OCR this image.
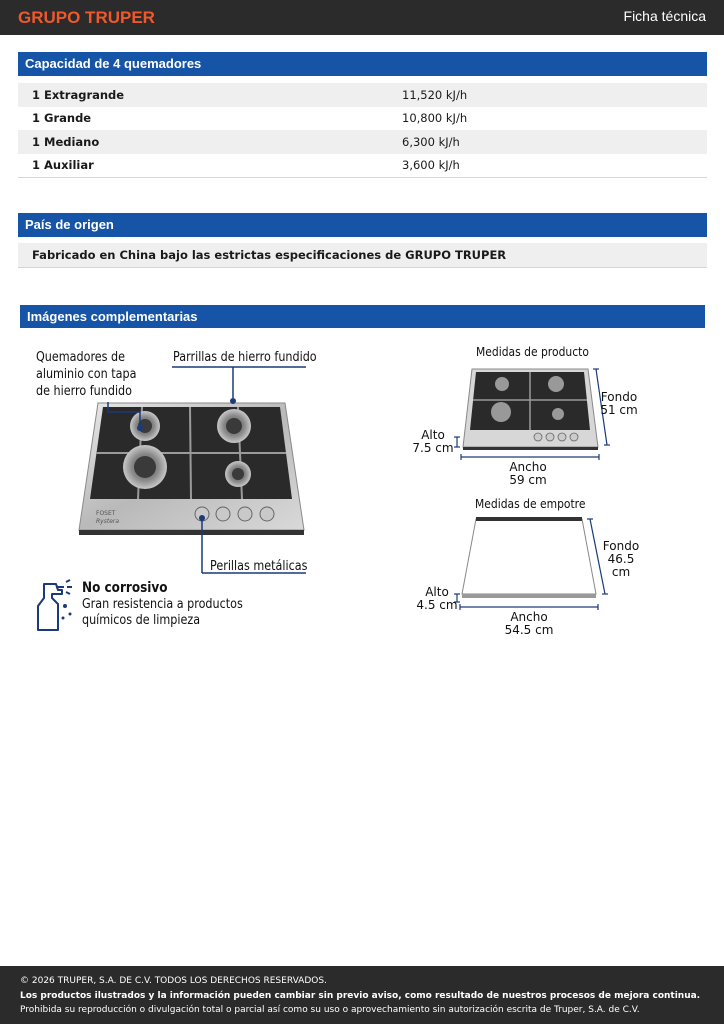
GRUPO TRUPER	Ficha técnica
Capacidad de 4 quemadores
1 Extragrande	11,520 kJ/h
1 Grande	10,800 kJ/h
1 Mediano	6,300 kJ/h
1 Auxiliar	3,600 kJ/h
País de origen
Fabricado en China bajo las estrictas especificaciones de GRUPO TRUPER
Imágenes complementarias
FOSET
Rystera
Quemadores de
aluminio con tapa
de hierro fundido
Parrillas de hierro fundido
Perillas metálicas
No corrosivo
Gran resistencia a productos
químicos de limpieza
Medidas de producto
Fondo
51 cm
Alto
7.5 cm
Ancho
59 cm
Medidas de empotre
Fondo
46.5 cm
Alto
4.5 cm
Ancho
54.5 cm
© 2026 TRUPER, S.A. DE C.V. TODOS LOS DERECHOS RESERVADOS.
Los productos ilustrados y la información pueden cambiar sin previo aviso, como resultado de nuestros procesos de mejora continua.
Prohibida su reproducción o divulgación total o parcial así como su uso o aprovechamiento sin autorización escrita de Truper, S.A. de C.V.
